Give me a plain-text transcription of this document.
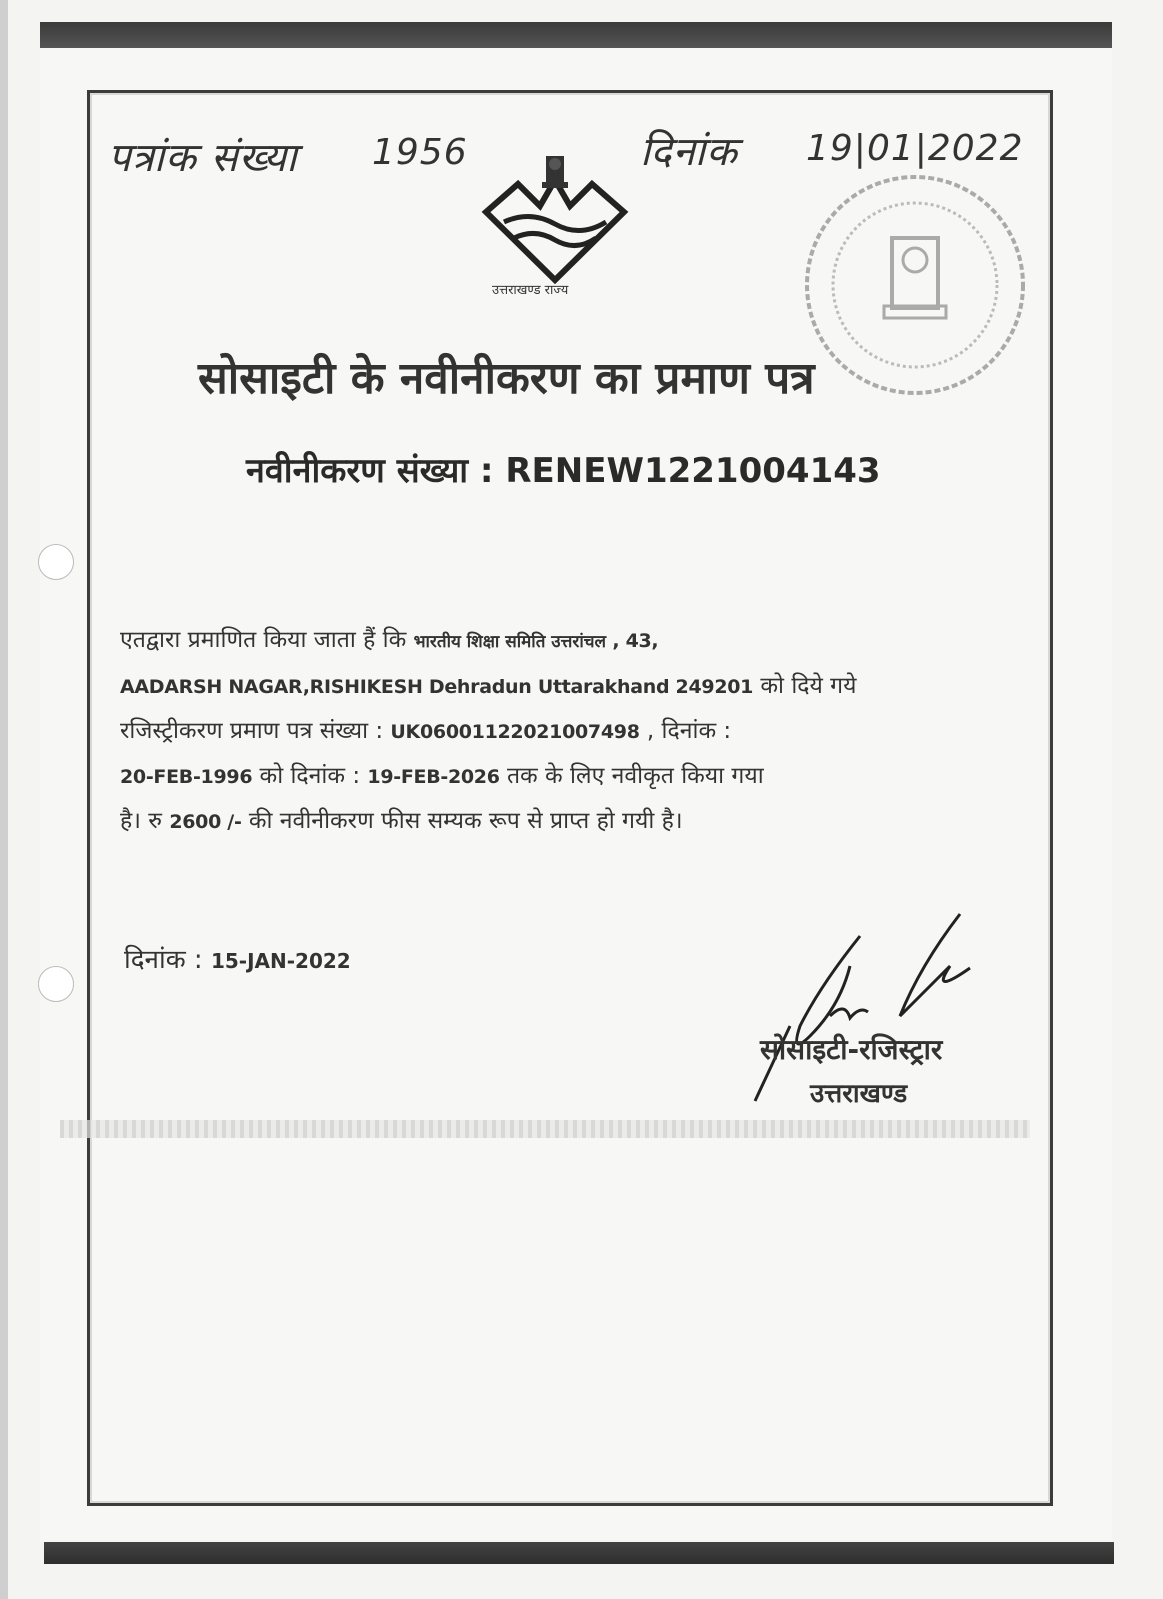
पत्रांक संख्या 1956	दिनांक 19|01|2022
उत्तराखण्ड राज्य
सोसाइटी के नवीनीकरण का प्रमाण पत्र
नवीनीकरण संख्या : RENEW1221004143
एतद्वारा प्रमाणित किया जाता हैं कि भारतीय शिक्षा समिति उत्तरांचल , 43,
AADARSH NAGAR,RISHIKESH Dehradun Uttarakhand 249201 को दिये गये
रजिस्ट्रीकरण प्रमाण पत्र संख्या : UK06001122021007498 , दिनांक :
20-FEB-1996 को दिनांक : 19-FEB-2026 तक के लिए नवीकृत किया गया
है। रु 2600 /- की नवीनीकरण फीस सम्यक रूप से प्राप्त हो गयी है।
दिनांक : 15-JAN-2022
सोसाइटी-रजिस्ट्रार
उत्तराखण्ड
